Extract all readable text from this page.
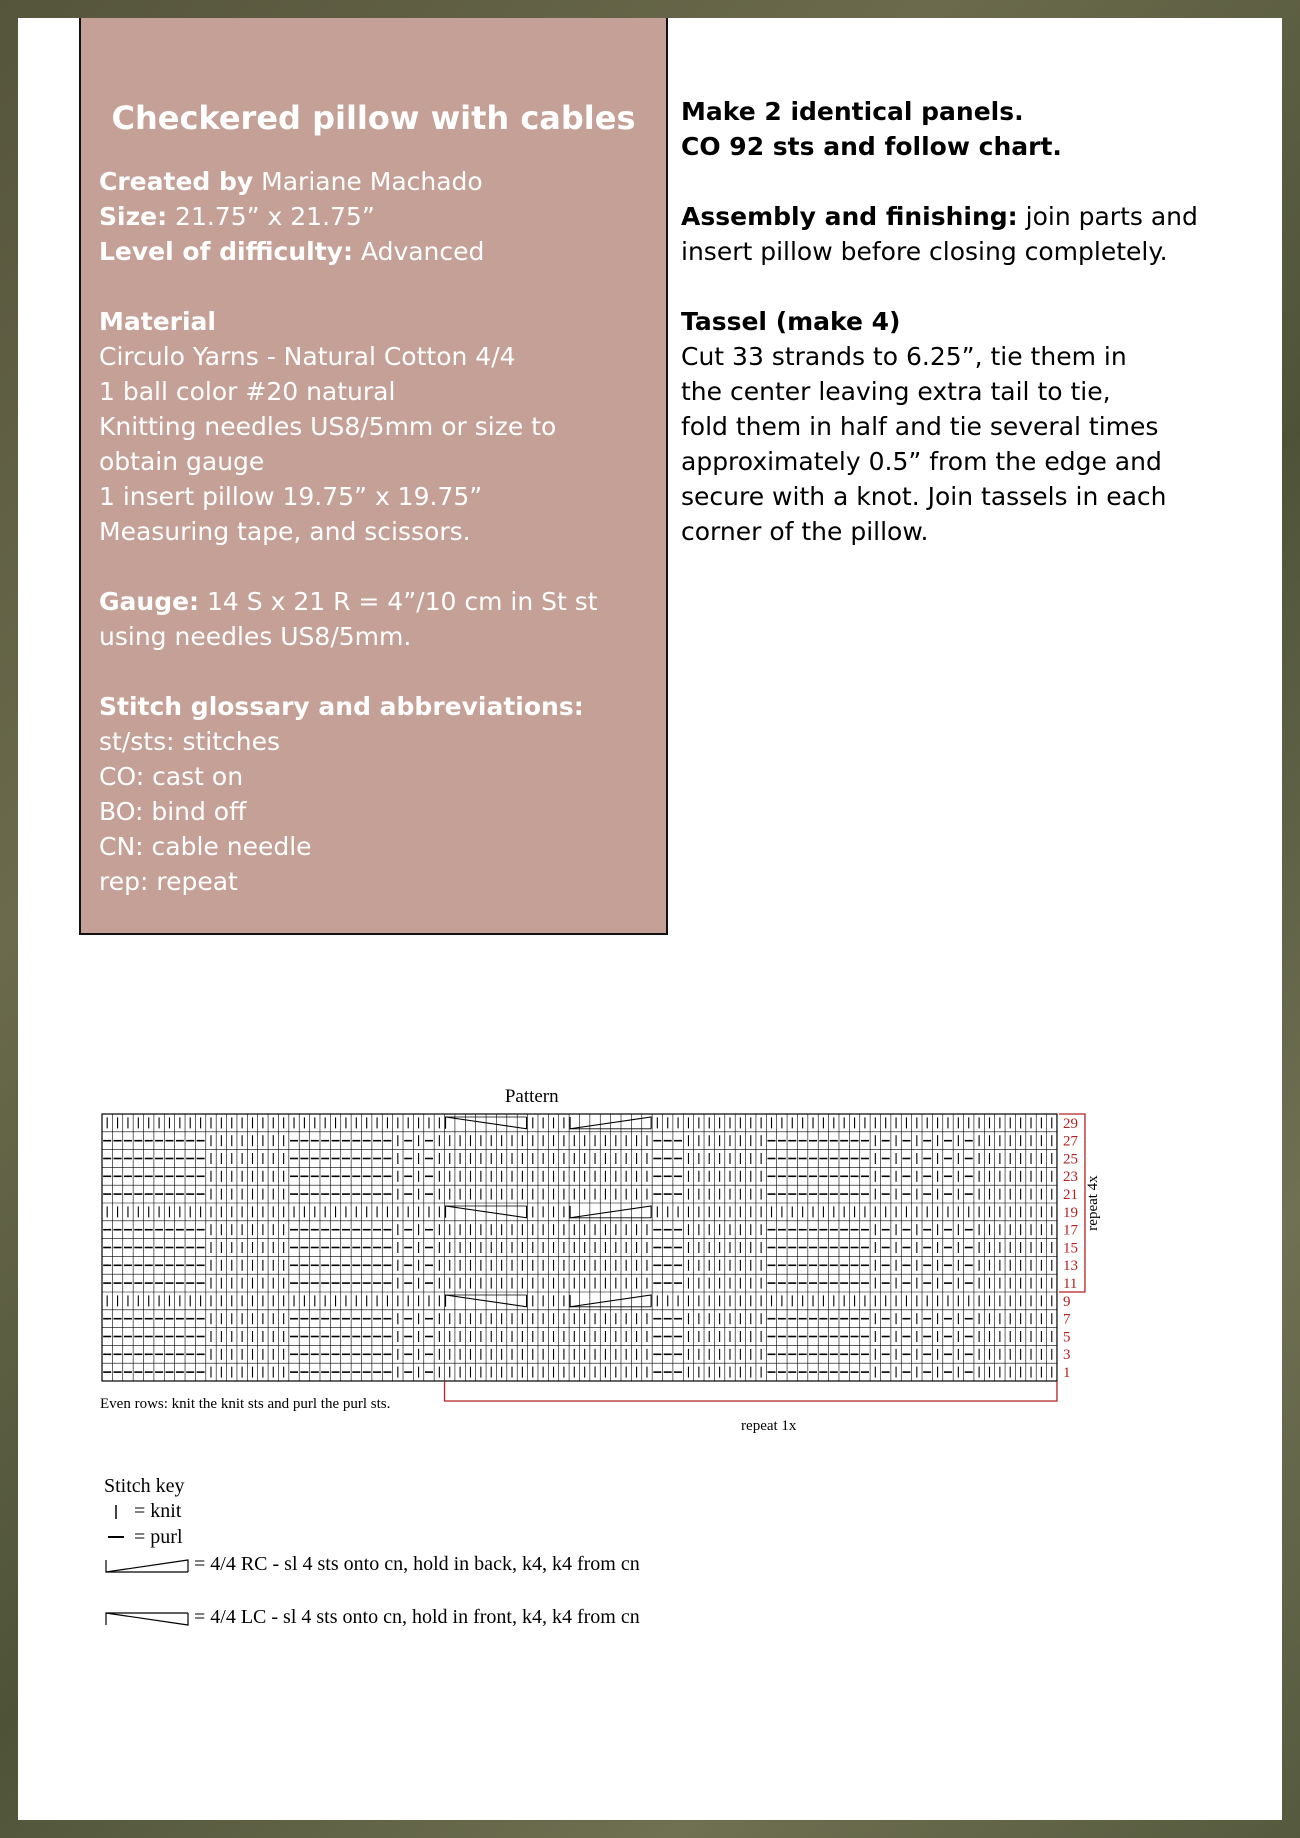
Checkered pillow with cables
Created by Mariane Machado
Size: 21.75” x 21.75”
Level of difficulty: Advanced
Material
Circulo Yarns - Natural Cotton 4/4
1 ball color #20 natural
Knitting needles US8/5mm or size to
obtain gauge
1 insert pillow 19.75” x 19.75”
Measuring tape, and scissors.
Gauge: 14 S x 21 R = 4”/10 cm in St st
using needles US8/5mm.
Stitch glossary and abbreviations:
st/sts: stitches
CO: cast on
BO: bind off
CN: cable needle
rep: repeat
Make 2 identical panels.
CO 92 sts and follow chart.
Assembly and finishing: join parts and
insert pillow before closing completely.
Tassel (make 4)
Cut 33 strands to 6.25”, tie them in
the center leaving extra tail to tie,
fold them in half and tie several times
approximately 0.5” from the edge and
secure with a knot. Join tassels in each
corner of the pillow.
Pattern
29
27
25
23
21
19
17
15
13
11
9
7
5
3
1
Even rows: knit the knit sts and purl the purl sts.
repeat 1x
repeat 4x
Stitch key
= knit
= purl
= 4/4 RC - sl 4 sts onto cn, hold in back, k4, k4 from cn
= 4/4 LC - sl 4 sts onto cn, hold in front, k4, k4 from cn
